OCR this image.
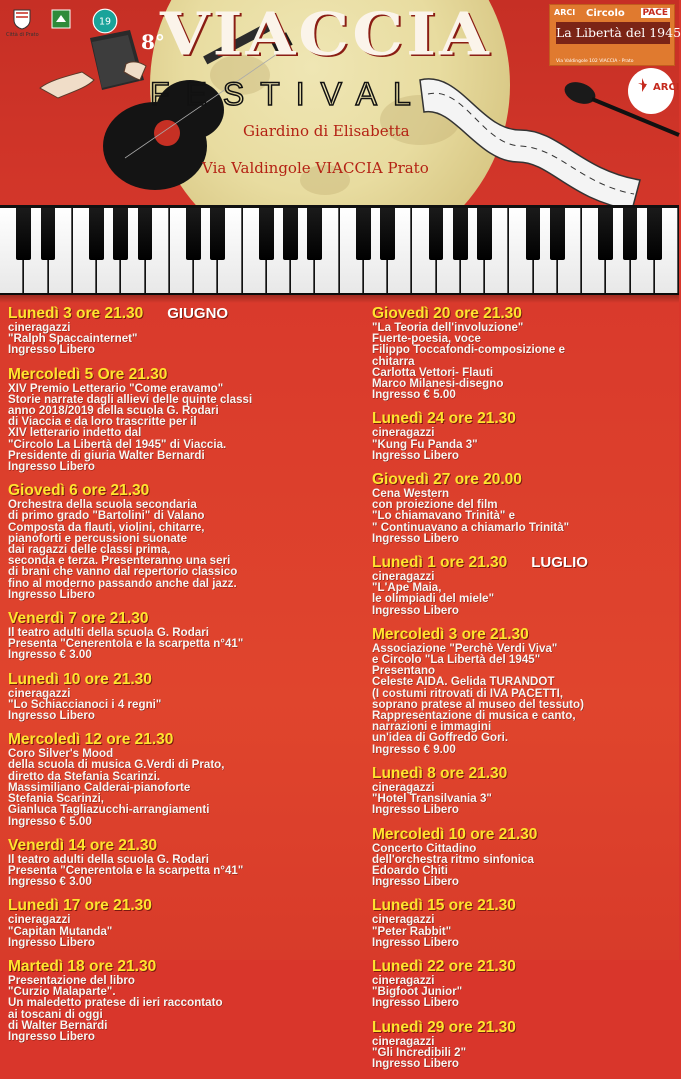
Città di Prato
19
8°
VIACCIA
FESTIVAL
Giardino di Elisabetta
Via Valdingole VIACCIA Prato
ARCI Circolo PACE
La Libertà del 1945
Via Valdingole 102 VIACCIA - Prato
ARCI
Lunedì 3 ore 21.30 GIUGNO
cineragazzi
"Ralph Spaccainternet"
Ingresso Libero
Mercoledì 5 Ore 21.30
XIV Premio Letterario "Come eravamo"
Storie narrate dagli allievi delle quinte classi
anno 2018/2019 della scuola G. Rodari
di Viaccia e da loro trascritte per il
XIV letterario indetto dal
"Circolo La Libertà del 1945" di Viaccia.
Presidente di giuria Walter Bernardi
Ingresso Libero
Giovedì 6 ore 21.30
Orchestra della scuola secondaria
di primo grado "Bartolini" di Valano
Composta da flauti, violini, chitarre,
pianoforti e percussioni suonate
dai ragazzi delle classi prima,
seconda e terza. Presenteranno una seri
di brani che vanno dal repertorio classico
fino al moderno passando anche dal jazz.
Ingresso Libero
Venerdì 7 ore 21.30
Il teatro adulti della scuola G. Rodari
Presenta "Cenerentola e la scarpetta n°41"
Ingresso € 3.00
Lunedì 10 ore 21.30
cineragazzi
"Lo Schiaccianoci i 4 regni"
Ingresso Libero
Mercoledì 12 ore 21.30
Coro Silver's Mood
della scuola di musica G.Verdi di Prato,
diretto da Stefania Scarinzi.
Massimiliano Calderai-pianoforte
Stefania Scarinzi,
Gianluca Tagliazucchi-arrangiamenti
Ingresso € 5.00
Venerdì 14 ore 21.30
Il teatro adulti della scuola G. Rodari
Presenta "Cenerentola e la scarpetta n°41"
Ingresso € 3.00
Lunedì 17 ore 21.30
cineragazzi
"Capitan Mutanda"
Ingresso Libero
Martedì 18 ore 21.30
Presentazione del libro
"Curzio Malaparte".
Un maledetto pratese di ieri raccontato
ai toscani di oggi
di Walter Bernardi
Ingresso Libero
Giovedì 20 ore 21.30
"La Teoria dell'involuzione"
Fuerte-poesia, voce
Filippo Toccafondi-composizione e
chitarra
Carlotta Vettori- Flauti
Marco Milanesi-disegno
Ingresso € 5.00
Lunedì 24 ore 21.30
cineragazzi
"Kung Fu Panda 3"
Ingresso Libero
Giovedì 27 ore 20.00
Cena Western
con proiezione del film
"Lo chiamavano Trinità" e
" Continuavano a chiamarlo Trinità"
Ingresso Libero
Lunedì 1 ore 21.30 LUGLIO
cineragazzi
"L'Ape Maia,
le olimpiadi del miele"
Ingresso Libero
Mercoledì 3 ore 21.30
Associazione "Perchè Verdi Viva"
e Circolo "La Libertà del 1945"
Presentano
Celeste AIDA. Gelida TURANDOT
(I costumi ritrovati di IVA PACETTI,
soprano pratese al museo del tessuto)
Rappresentazione di musica e canto,
narrazioni e immagini
un'idea di Goffredo Gori.
Ingresso € 9.00
Lunedì 8 ore 21.30
cineragazzi
"Hotel Transilvania 3"
Ingresso Libero
Mercoledì 10 ore 21.30
Concerto Cittadino
dell'orchestra ritmo sinfonica
Edoardo Chiti
Ingresso Libero
Lunedì 15 ore 21.30
cineragazzi
"Peter Rabbit"
Ingresso Libero
Lunedì 22 ore 21.30
cineragazzi
"Bigfoot Junior"
Ingresso Libero
Lunedì 29 ore 21.30
cineragazzi
"Gli Incredibili 2"
Ingresso Libero
